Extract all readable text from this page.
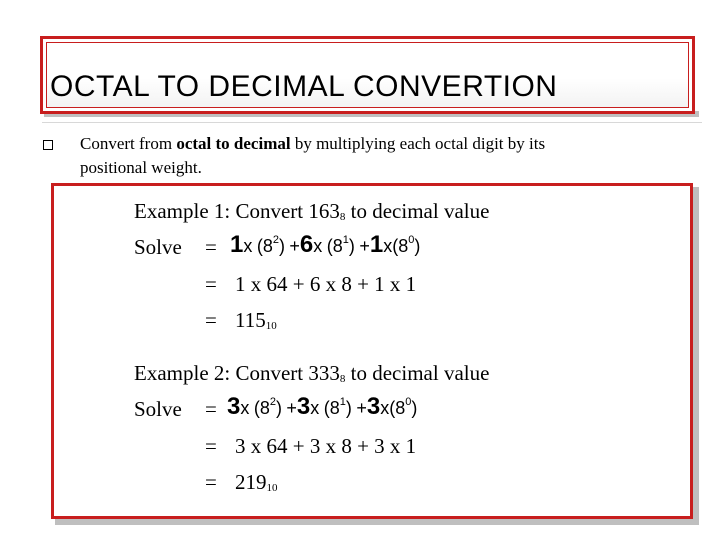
OCTAL TO DECIMAL CONVERTION
Convert from octal to decimal by multiplying each octal digit by its
positional weight.
Example 1: Convert 1638 to decimal value
Solve = 1x $(8^2) +6x$ $(8^1) +1x(8^0)$
= 1 x 64 + 6 x 8 + 1 x 1
= 11510
Example 2: Convert 3338 to decimal value
Solve = 3x $(8^2) +3x$ $(8^1) +3x(8^0)$
= 3 x 64 + 3 x 8 + 3 x 1
= 21910
